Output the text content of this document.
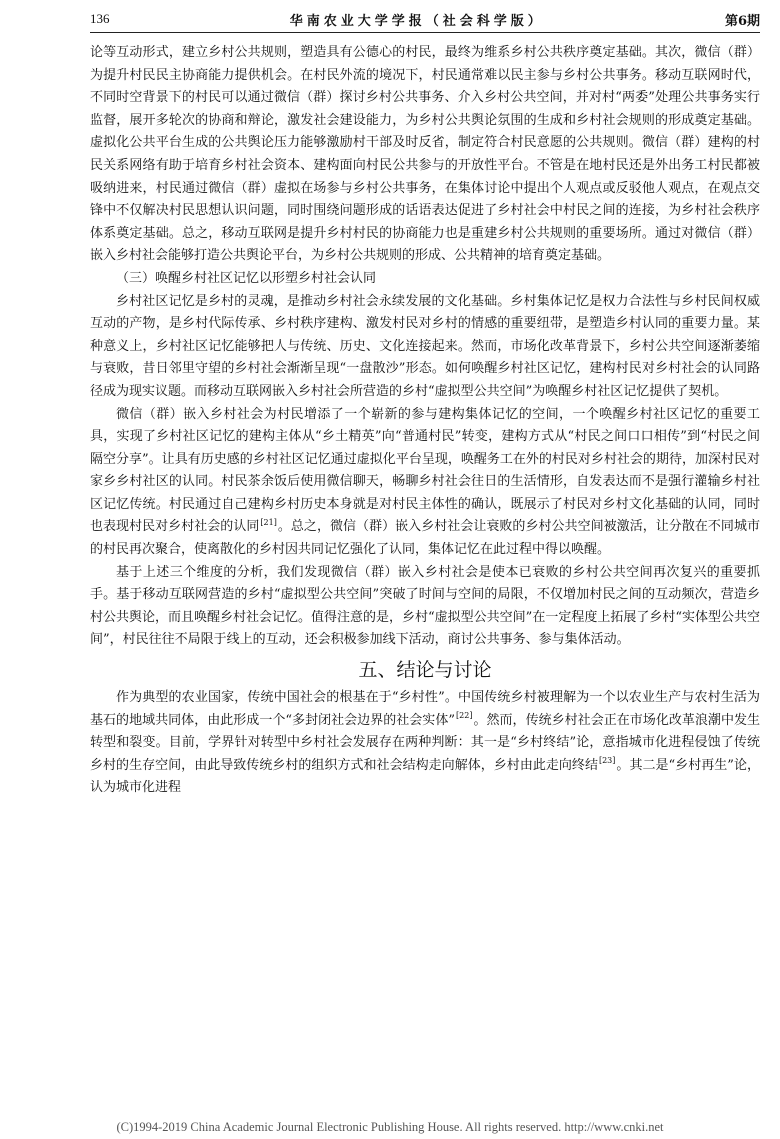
136	华南农业大学学报（社会科学版）	第6期

论等互动形式，建立乡村公共规则，塑造具有公德心的村民，最终为维系乡村公共秩序奠定基础。其次，微信（群）为提升村民民主协商能力提供机会。在村民外流的境况下，村民通常难以民主参与乡村公共事务。移动互联网时代，不同时空背景下的村民可以通过微信（群）探讨乡村公共事务、介入乡村公共空间，并对村“两委”处理公共事务实行监督，展开多轮次的协商和辩论，激发社会建设能力，为乡村公共舆论氛围的生成和乡村社会规则的形成奠定基础。虚拟化公共平台生成的公共舆论压力能够激励村干部及时反省，制定符合村民意愿的公共规则。微信（群）建构的村民关系网络有助于培育乡村社会资本、建构面向村民公共参与的开放性平台。不管是在地村民还是外出务工村民都被吸纳进来，村民通过微信（群）虚拟在场参与乡村公共事务，在集体讨论中提出个人观点或反驳他人观点，在观点交锋中不仅解决村民思想认识问题，同时围绕问题形成的话语表达促进了乡村社会中村民之间的连接，为乡村社会秩序体系奠定基础。总之，移动互联网是提升乡村村民的协商能力也是重建乡村公共规则的重要场所。通过对微信（群）嵌入乡村社会能够打造公共舆论平台，为乡村公共规则的形成、公共精神的培育奠定基础。

（三）唤醒乡村社区记忆以形塑乡村社会认同

乡村社区记忆是乡村的灵魂，是推动乡村社会永续发展的文化基础。乡村集体记忆是权力合法性与乡村民间权威互动的产物，是乡村代际传承、乡村秩序建构、激发村民对乡村的情感的重要纽带，是塑造乡村认同的重要力量。某种意义上，乡村社区记忆能够把人与传统、历史、文化连接起来。然而，市场化改革背景下，乡村公共空间逐渐萎缩与衰败，昔日邻里守望的乡村社会渐渐呈现“一盘散沙”形态。如何唤醒乡村社区记忆，建构村民对乡村社会的认同路径成为现实议题。而移动互联网嵌入乡村社会所营造的乡村“虚拟型公共空间”为唤醒乡村社区记忆提供了契机。

微信（群）嵌入乡村社会为村民增添了一个崭新的参与建构集体记忆的空间，一个唤醒乡村社区记忆的重要工具，实现了乡村社区记忆的建构主体从“乡土精英”向“普通村民”转变，建构方式从“村民之间口口相传”到“村民之间隔空分享”。让具有历史感的乡村社区记忆通过虚拟化平台呈现，唤醒务工在外的村民对乡村社会的期待，加深村民对家乡乡村社区的认同。村民茶余饭后使用微信聊天，畅聊乡村社会往日的生活情形，自发表达而不是强行灌输乡村社区记忆传统。村民通过自己建构乡村历史本身就是对村民主体性的确认，既展示了村民对乡村文化基础的认同，同时也表现村民对乡村社会的认同[21]。总之，微信（群）嵌入乡村社会让衰败的乡村公共空间被激活，让分散在不同城市的村民再次聚合，使离散化的乡村因共同记忆强化了认同，集体记忆在此过程中得以唤醒。

基于上述三个维度的分析，我们发现微信（群）嵌入乡村社会是使本已衰败的乡村公共空间再次复兴的重要抓手。基于移动互联网营造的乡村“虚拟型公共空间”突破了时间与空间的局限，不仅增加村民之间的互动频次，营造乡村公共舆论，而且唤醒乡村社会记忆。值得注意的是，乡村“虚拟型公共空间”在一定程度上拓展了乡村“实体型公共空间”，村民往往不局限于线上的互动，还会积极参加线下活动，商讨公共事务、参与集体活动。

五、结论与讨论

作为典型的农业国家，传统中国社会的根基在于“乡村性”。中国传统乡村被理解为一个以农业生产与农村生活为基石的地域共同体，由此形成一个“多封闭社会边界的社会实体”[22]。然而，传统乡村社会正在市场化改革浪潮中发生转型和裂变。目前，学界针对转型中乡村社会发展存在两种判断：其一是“乡村终结”论，意指城市化进程侵蚀了传统乡村的生存空间，由此导致传统乡村的组织方式和社会结构走向解体，乡村由此走向终结[23]。其二是“乡村再生”论，认为城市化进程

(C)1994-2019 China Academic Journal Electronic Publishing House. All rights reserved. http://www.cnki.net
